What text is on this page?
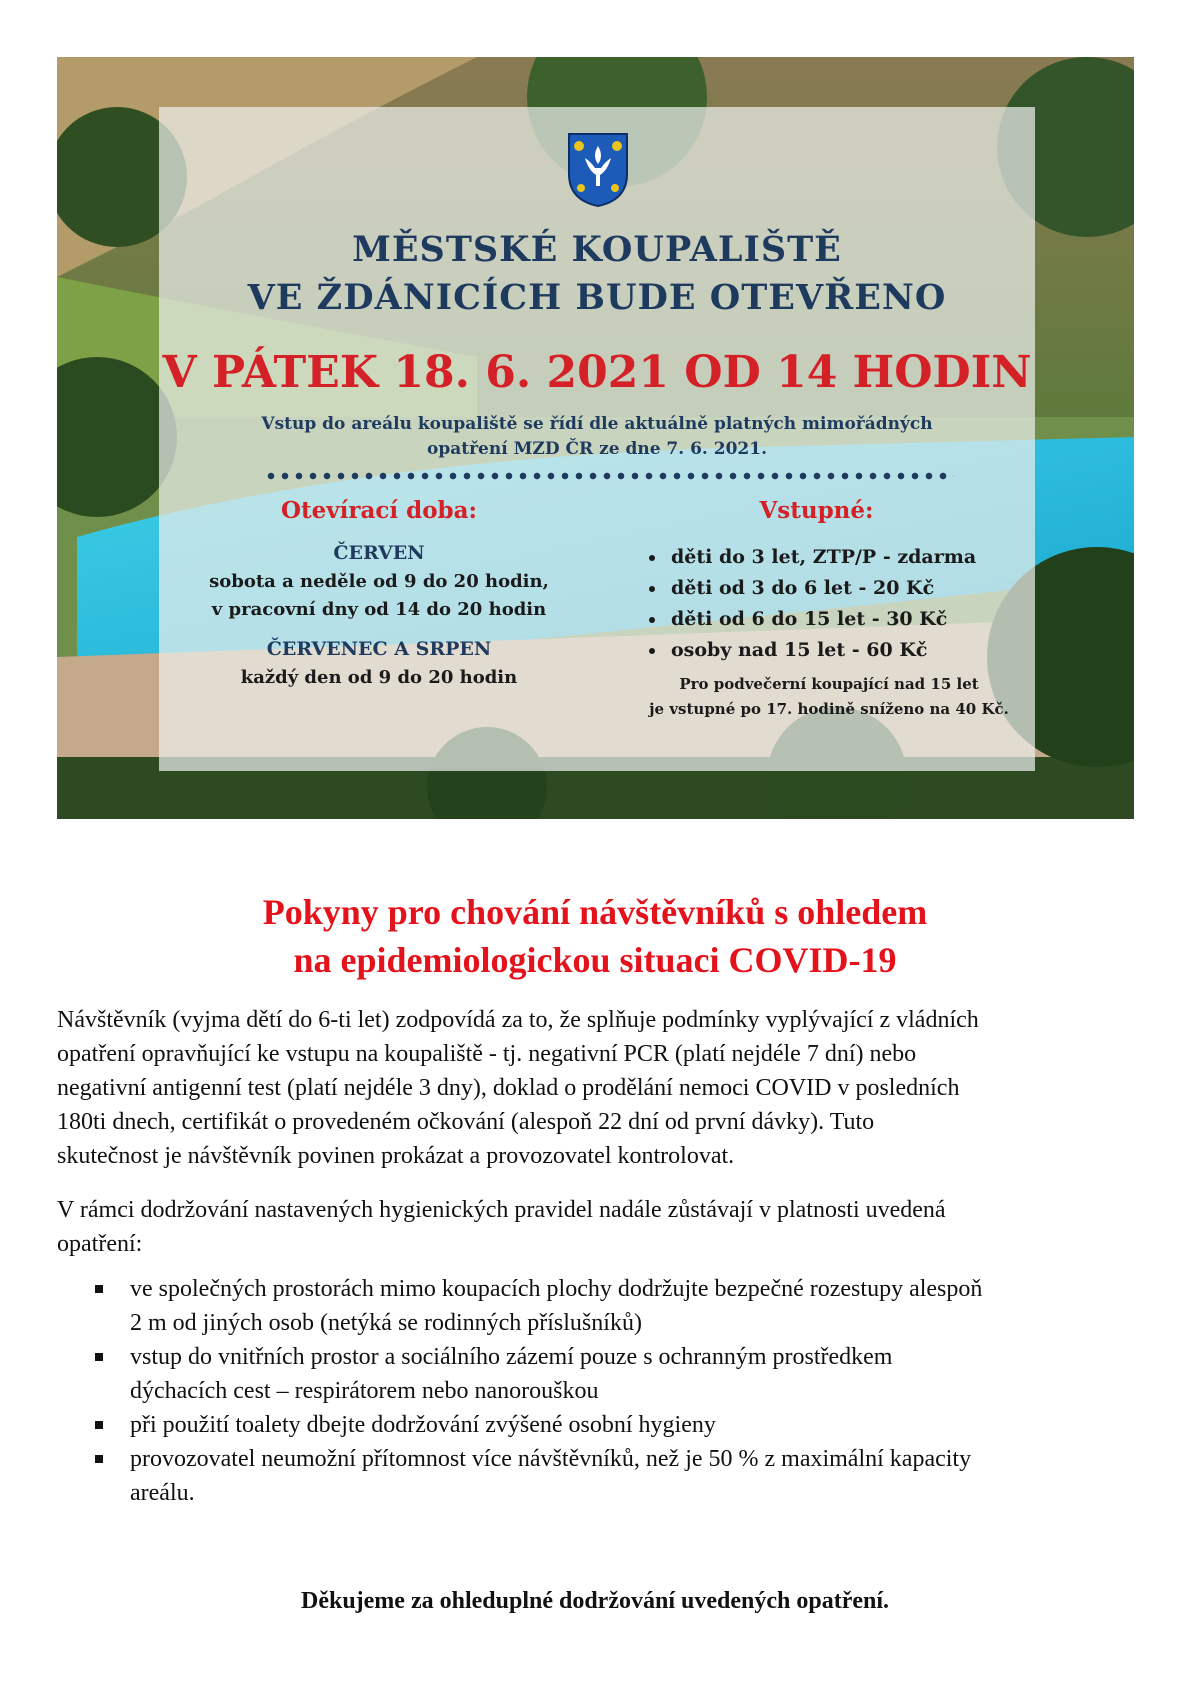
MĚSTSKÉ KOUPALIŠTĚ
VE ŽDÁNICÍCH BUDE OTEVŘENO
V PÁTEK 18. 6. 2021 OD 14 HODIN
Vstup do areálu koupaliště se řídí dle aktuálně platných mimořádných
opatření MZD ČR ze dne 7. 6. 2021.
Otevírací doba:
ČERVEN
sobota a neděle od 9 do 20 hodin,
v pracovní dny od 14 do 20 hodin
ČERVENEC A SRPEN
každý den od 9 do 20 hodin
Vstupné:
• děti do 3 let, ZTP/P - zdarma
• děti od 3 do 6 let - 20 Kč
• děti od 6 do 15 let - 30 Kč
• osoby nad 15 let - 60 Kč
Pro podvečerní koupající nad 15 let
je vstupné po 17. hodině sníženo na 40 Kč.
Pokyny pro chování návštěvníků s ohledem
na epidemiologickou situaci COVID-19
Návštěvník (vyjma dětí do 6-ti let) zodpovídá za to, že splňuje podmínky vyplývající z vládních
opatření opravňující ke vstupu na koupaliště - tj. negativní PCR (platí nejdéle 7 dní) nebo
negativní antigenní test (platí nejdéle 3 dny), doklad o prodělání nemoci COVID v posledních
180ti dnech, certifikát o provedeném očkování (alespoň 22 dní od první dávky). Tuto
skutečnost je návštěvník povinen prokázat a provozovatel kontrolovat.
V rámci dodržování nastavených hygienických pravidel nadále zůstávají v platnosti uvedená
opatření:
ve společných prostorách mimo koupacích plochy dodržujte bezpečné rozestupy alespoň
2 m od jiných osob (netýká se rodinných příslušníků)
vstup do vnitřních prostor a sociálního zázemí pouze s ochranným prostředkem
dýchacích cest – respirátorem nebo nanorouškou
při použití toalety dbejte dodržování zvýšené osobní hygieny
provozovatel neumožní přítomnost více návštěvníků, než je 50 % z maximální kapacity
areálu.
Děkujeme za ohleduplné dodržování uvedených opatření.
